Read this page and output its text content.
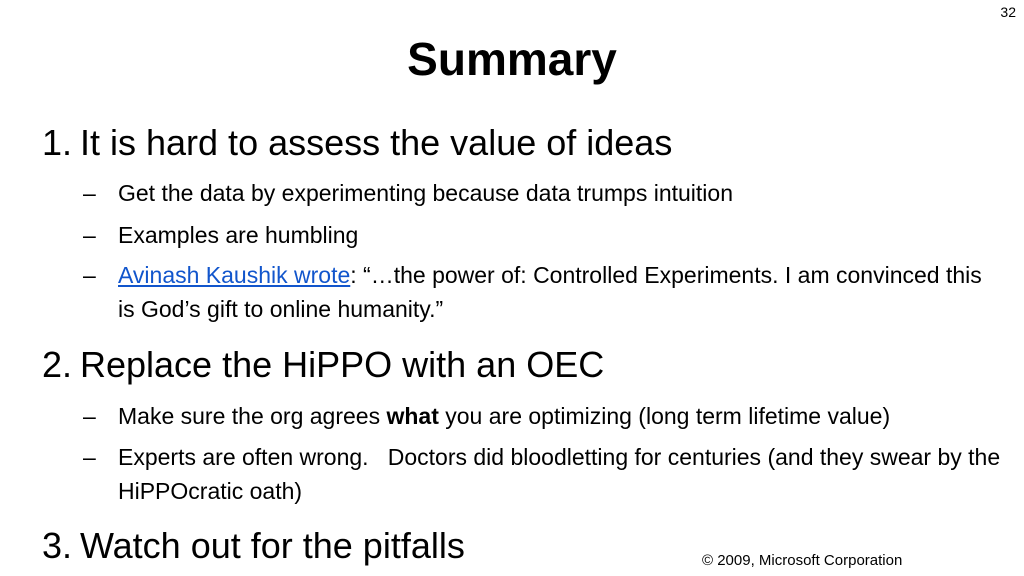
32
Summary
1. It is hard to assess the value of ideas
– Get the data by experimenting because data trumps intuition
– Examples are humbling
– Avinash Kaushik wrote: “…the power of: Controlled Experiments. I am convinced this is God’s gift to online humanity.”
2. Replace the HiPPO with an OEC
– Make sure the org agrees what you are optimizing (long term lifetime value)
– Experts are often wrong.   Doctors did bloodletting for centuries (and they swear by the HiPPOcratic oath)
3. Watch out for the pitfalls	© 2009, Microsoft Corporation
